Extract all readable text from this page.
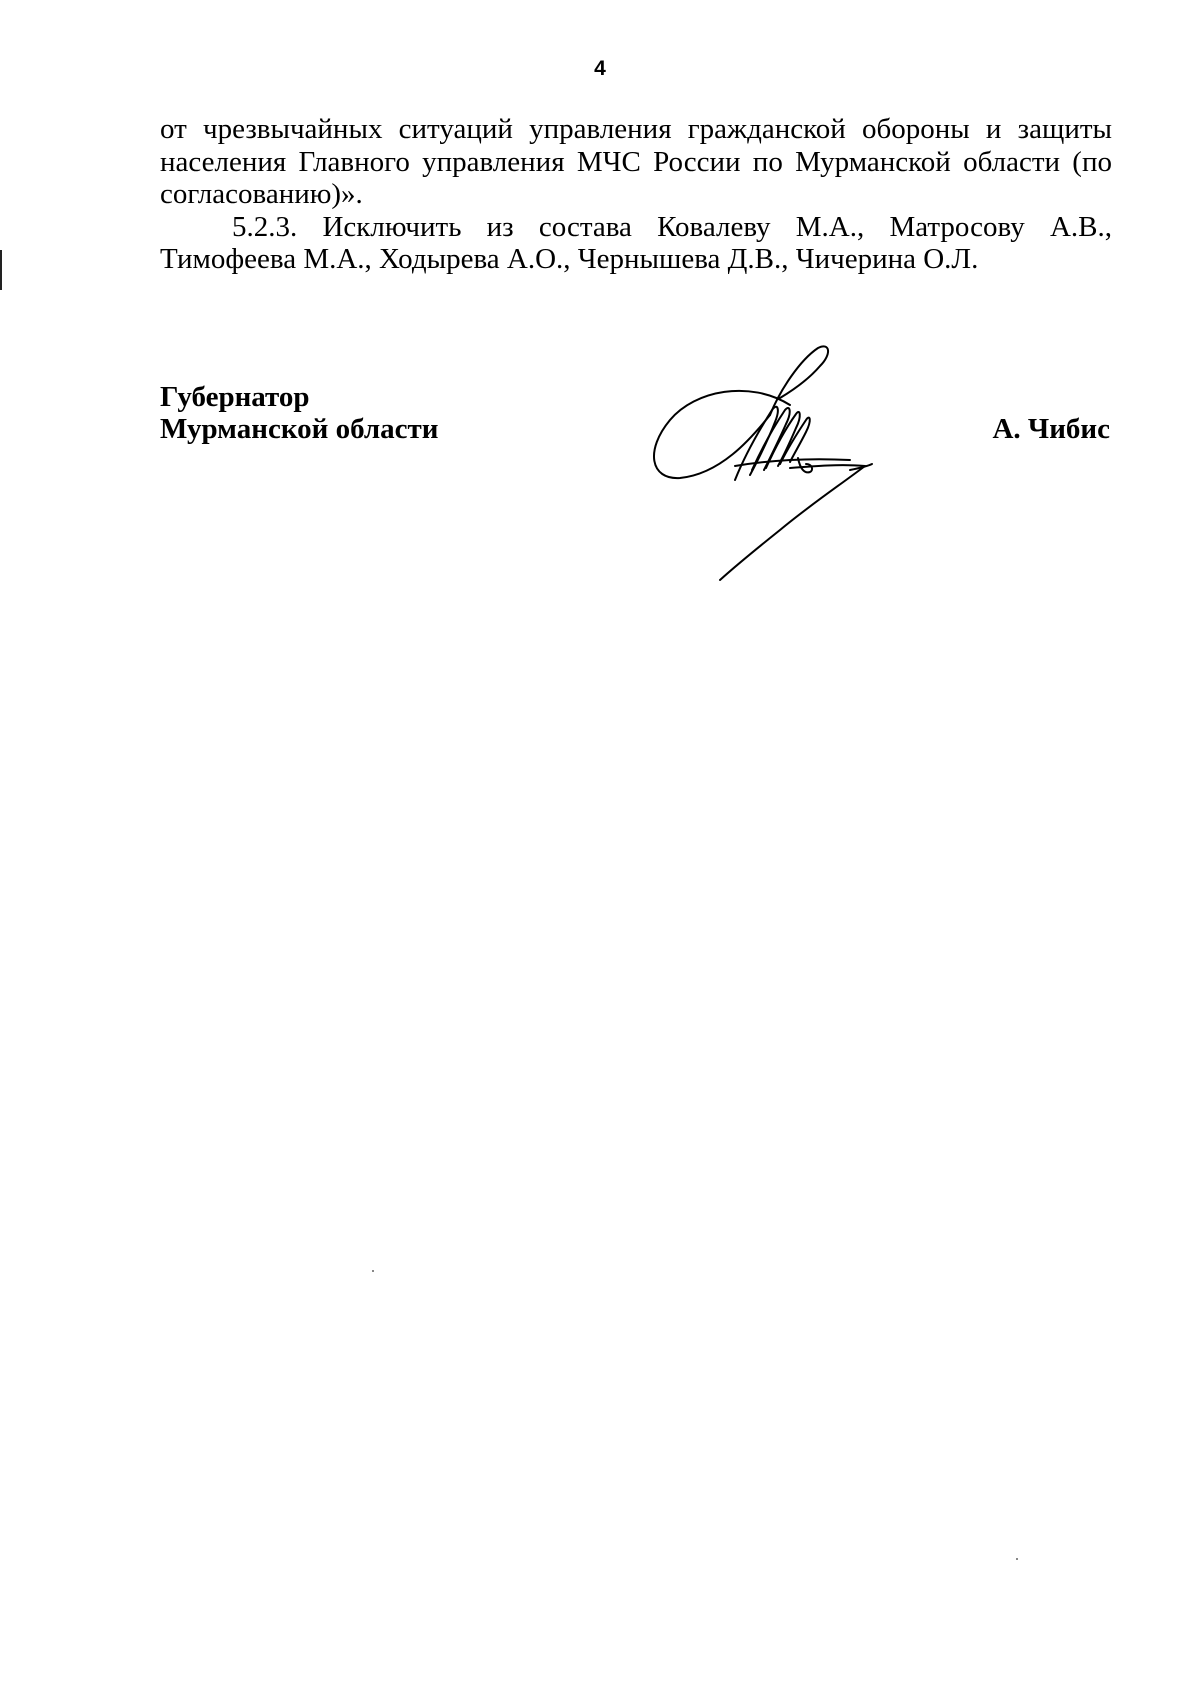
4

от чрезвычайных ситуаций управления гражданской обороны и защиты населения Главного управления МЧС России по Мурманской области (по согласованию)».

5.2.3. Исключить из состава Ковалеву М.А., Матросову А.В., Тимофеева М.А., Ходырева А.О., Чернышева Д.В., Чичерина О.Л.

Губернатор
Мурманской области	А. Чибис
